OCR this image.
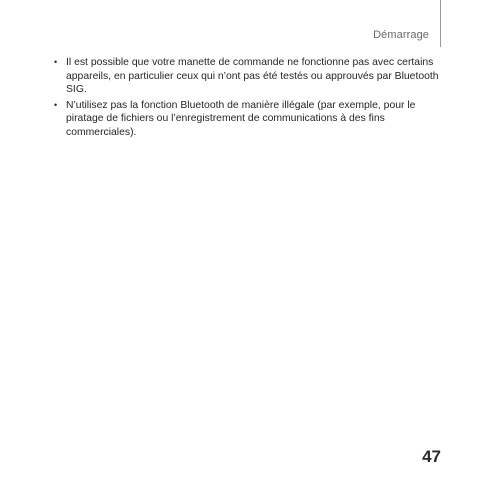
Démarrage
• Il est possible que votre manette de commande ne fonctionne pas avec certains appareils, en particulier ceux qui n’ont pas été testés ou approuvés par Bluetooth SIG.
• N’utilisez pas la fonction Bluetooth de manière illégale (par exemple, pour le piratage de fichiers ou l’enregistrement de communications à des fins commerciales).
47
